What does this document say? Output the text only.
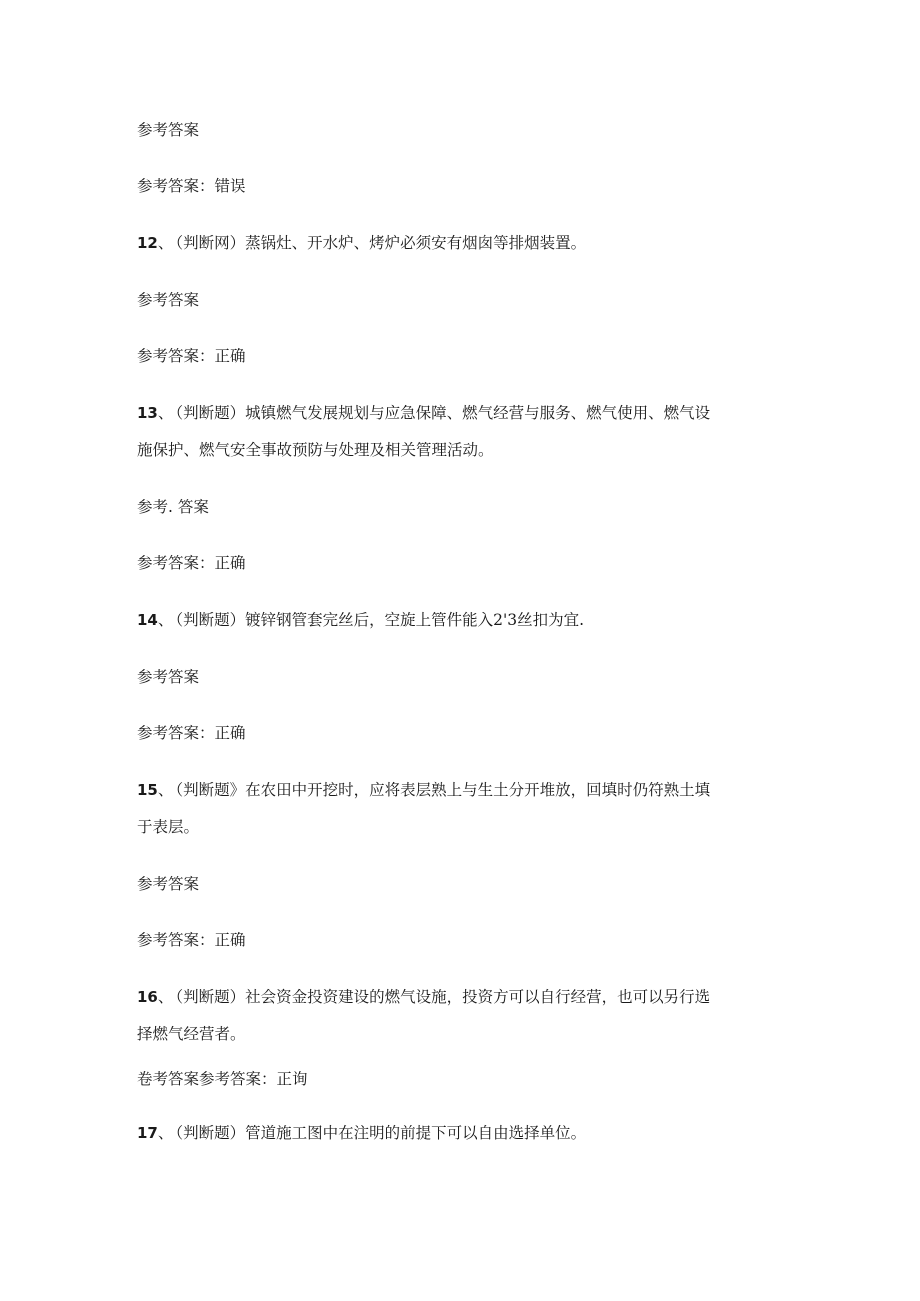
参考答案
参考答案：错误
12、 （判断网）蒸锅灶、开水炉、烤炉必须安有烟囱等排烟装置。
参考答案
参考答案：正确
13、 （判断题）城镇燃气发展规划与应急保障、燃气经营与服务、燃气使用、燃气设
施保护、燃气安全事故预防与处理及相关管理活动。
参考. 答案
参考答案：正确
14、 （判断题）镀锌钢管套完丝后，空旋上管件能入2'3丝扣为宜.
参考答案
参考答案：正确
15、 （判断题》在农田中开挖时，应将表层熟上与生土分开堆放，回填时仍符熟土填
于表层。
参考答案
参考答案：正确
16、 （判断题）社会资金投资建设的燃气设施，投资方可以自行经营，也可以另行选
择燃气经营者。
卷考答案参考答案：正询
17、 （判断题）管道施工图中在注明的前提下可以自由选择单位。
